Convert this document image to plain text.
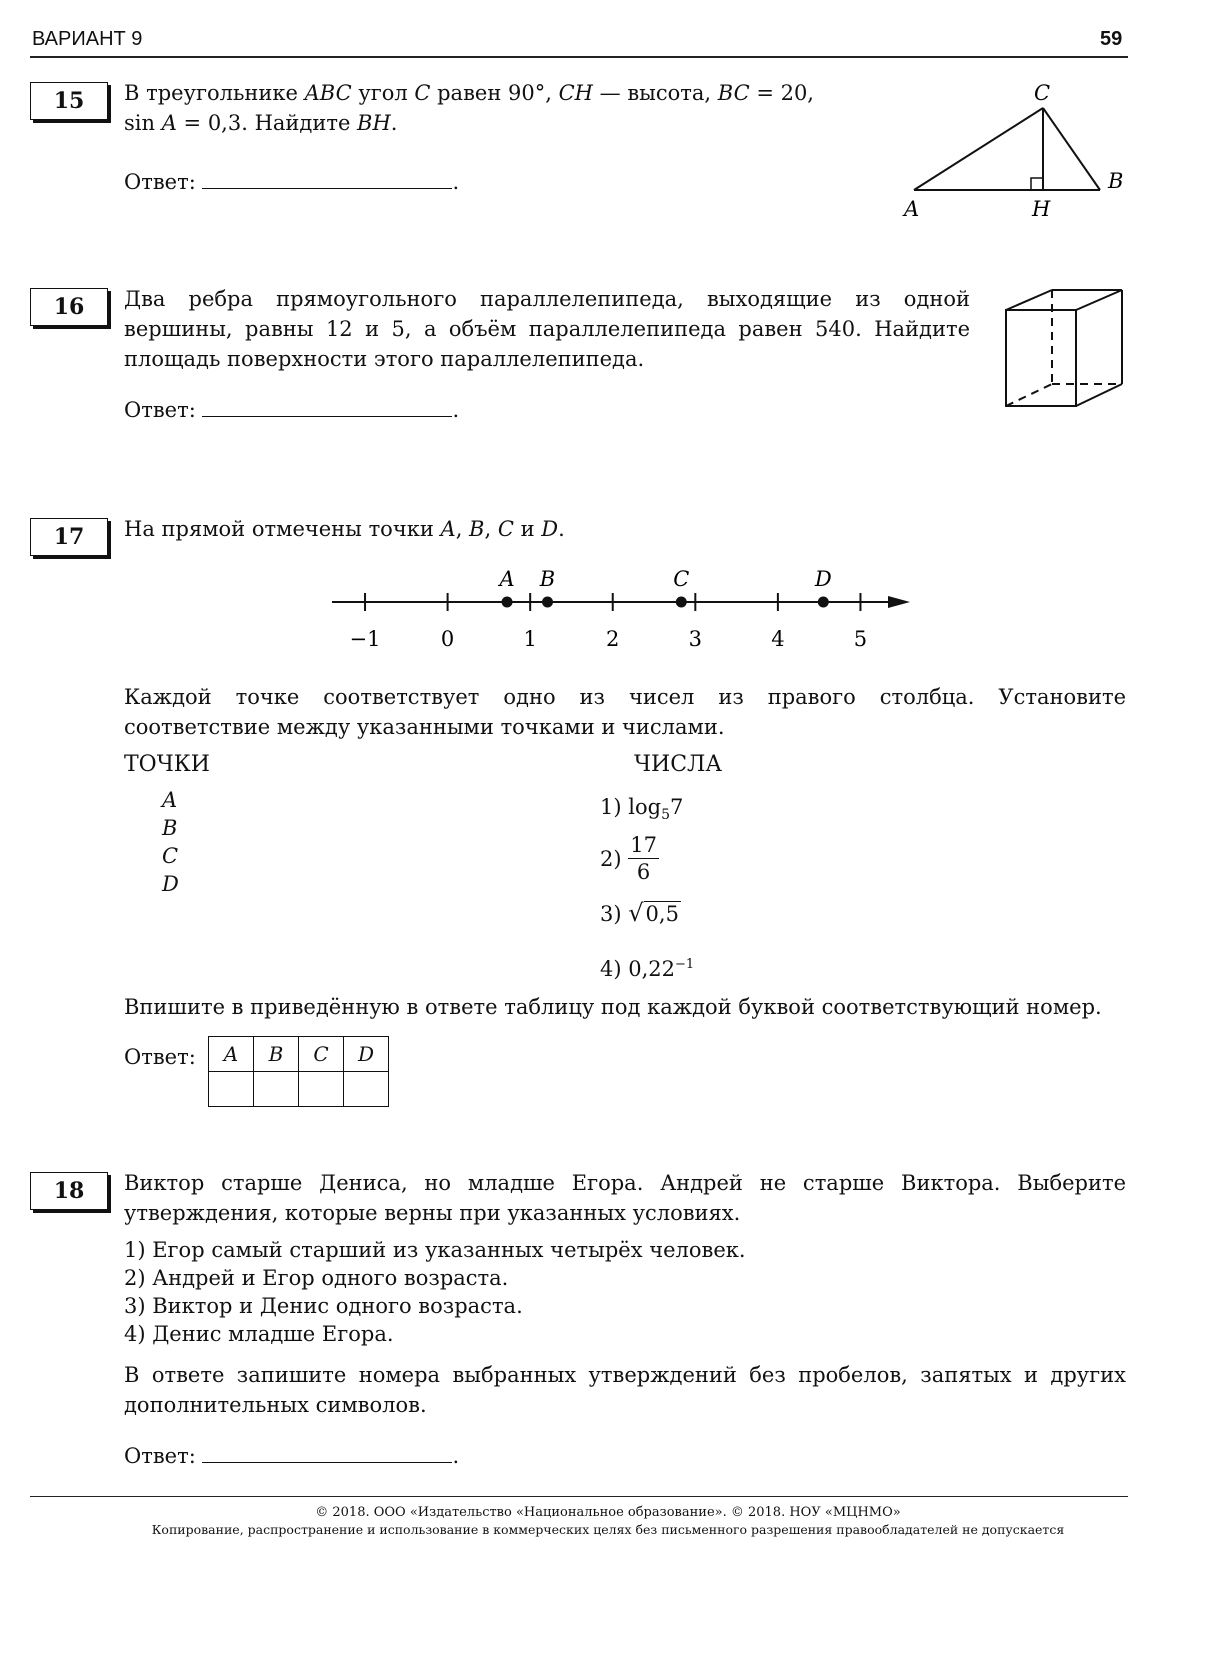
ВАРИАНТ 9	59
15	В треугольнике ABC угол C равен 90°, CH — высота, BC = 20,
sin A = 0,3. Найдите BH.
Ответ:	.
C
A	H
B
16	Два ребра прямоугольного параллелепипеда, выходящие из одной
вершины, равны 12 и 5, а объём параллелепипеда равен 540. Найдите
площадь поверхности этого параллелепипеда.
Ответ:	.
17	На прямой отмечены точки A, B, C и D.
−1	0	1	2	3	4	5
A B	C	D
Каждой точке соответствует одно из чисел из правого столбца. Установите
соответствие между указанными точками и числами.
ТОЧКИ	ЧИСЛА
A
B
C
D
1) $\log_57$
2)
$\frac{17}{6}$
3) √0,5
4) $0,22^{-1}$
Впишите в приведённую в ответе таблицу под каждой буквой соответствующий номер.
Ответ: A	B	C	D

18	Виктор старше Дениса, но младше Егора. Андрей не старше Виктора. Выберите
утверждения, которые верны при указанных условиях.
1) Егор самый старший из указанных четырёх человек.
2) Андрей и Егор одного возраста.
3) Виктор и Денис одного возраста.
4) Денис младше Егора.
В ответе запишите номера выбранных утверждений без пробелов, запятых и других
дополнительных символов.
Ответ:	.
© 2018. ООО «Издательство «Национальное образование». © 2018. НОУ «МЦНМО»
Копирование, распространение и использование в коммерческих целях без письменного разрешения правообладателей не допускается
